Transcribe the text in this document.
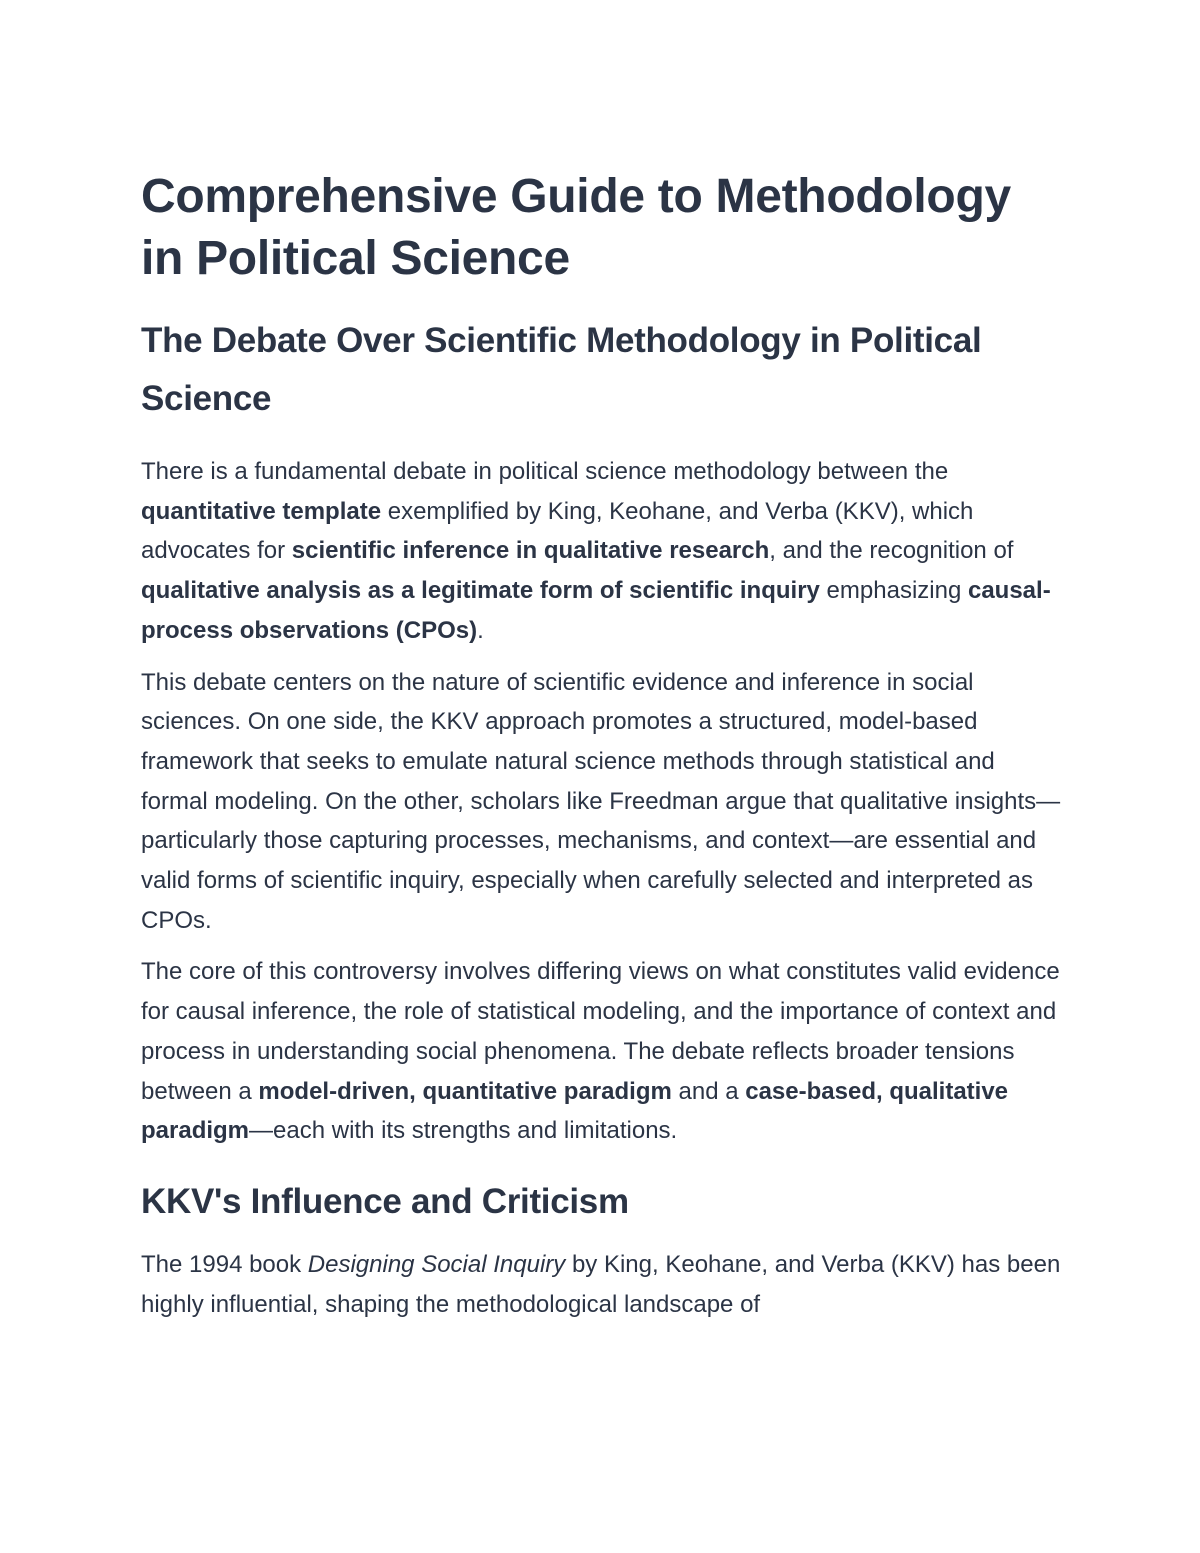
Comprehensive Guide to Methodology in Political Science
The Debate Over Scientific Methodology in Political Science

There is a fundamental debate in political science methodology between the quantitative template exemplified by King, Keohane, and Verba (KKV), which advocates for scientific inference in qualitative research, and the recognition of qualitative analysis as a legitimate form of scientific inquiry emphasizing causal-process observations (CPOs).

This debate centers on the nature of scientific evidence and inference in social sciences. On one side, the KKV approach promotes a structured, model-based framework that seeks to emulate natural science methods through statistical and formal modeling. On the other, scholars like Freedman argue that qualitative insights—particularly those capturing processes, mechanisms, and context—are essential and valid forms of scientific inquiry, especially when carefully selected and interpreted as CPOs.

The core of this controversy involves differing views on what constitutes valid evidence for causal inference, the role of statistical modeling, and the importance of context and process in understanding social phenomena. The debate reflects broader tensions between a model-driven, quantitative paradigm and a case-based, qualitative paradigm—each with its strengths and limitations.

KKV's Influence and Criticism

The 1994 book Designing Social Inquiry by King, Keohane, and Verba (KKV) has been highly influential, shaping the methodological landscape of
